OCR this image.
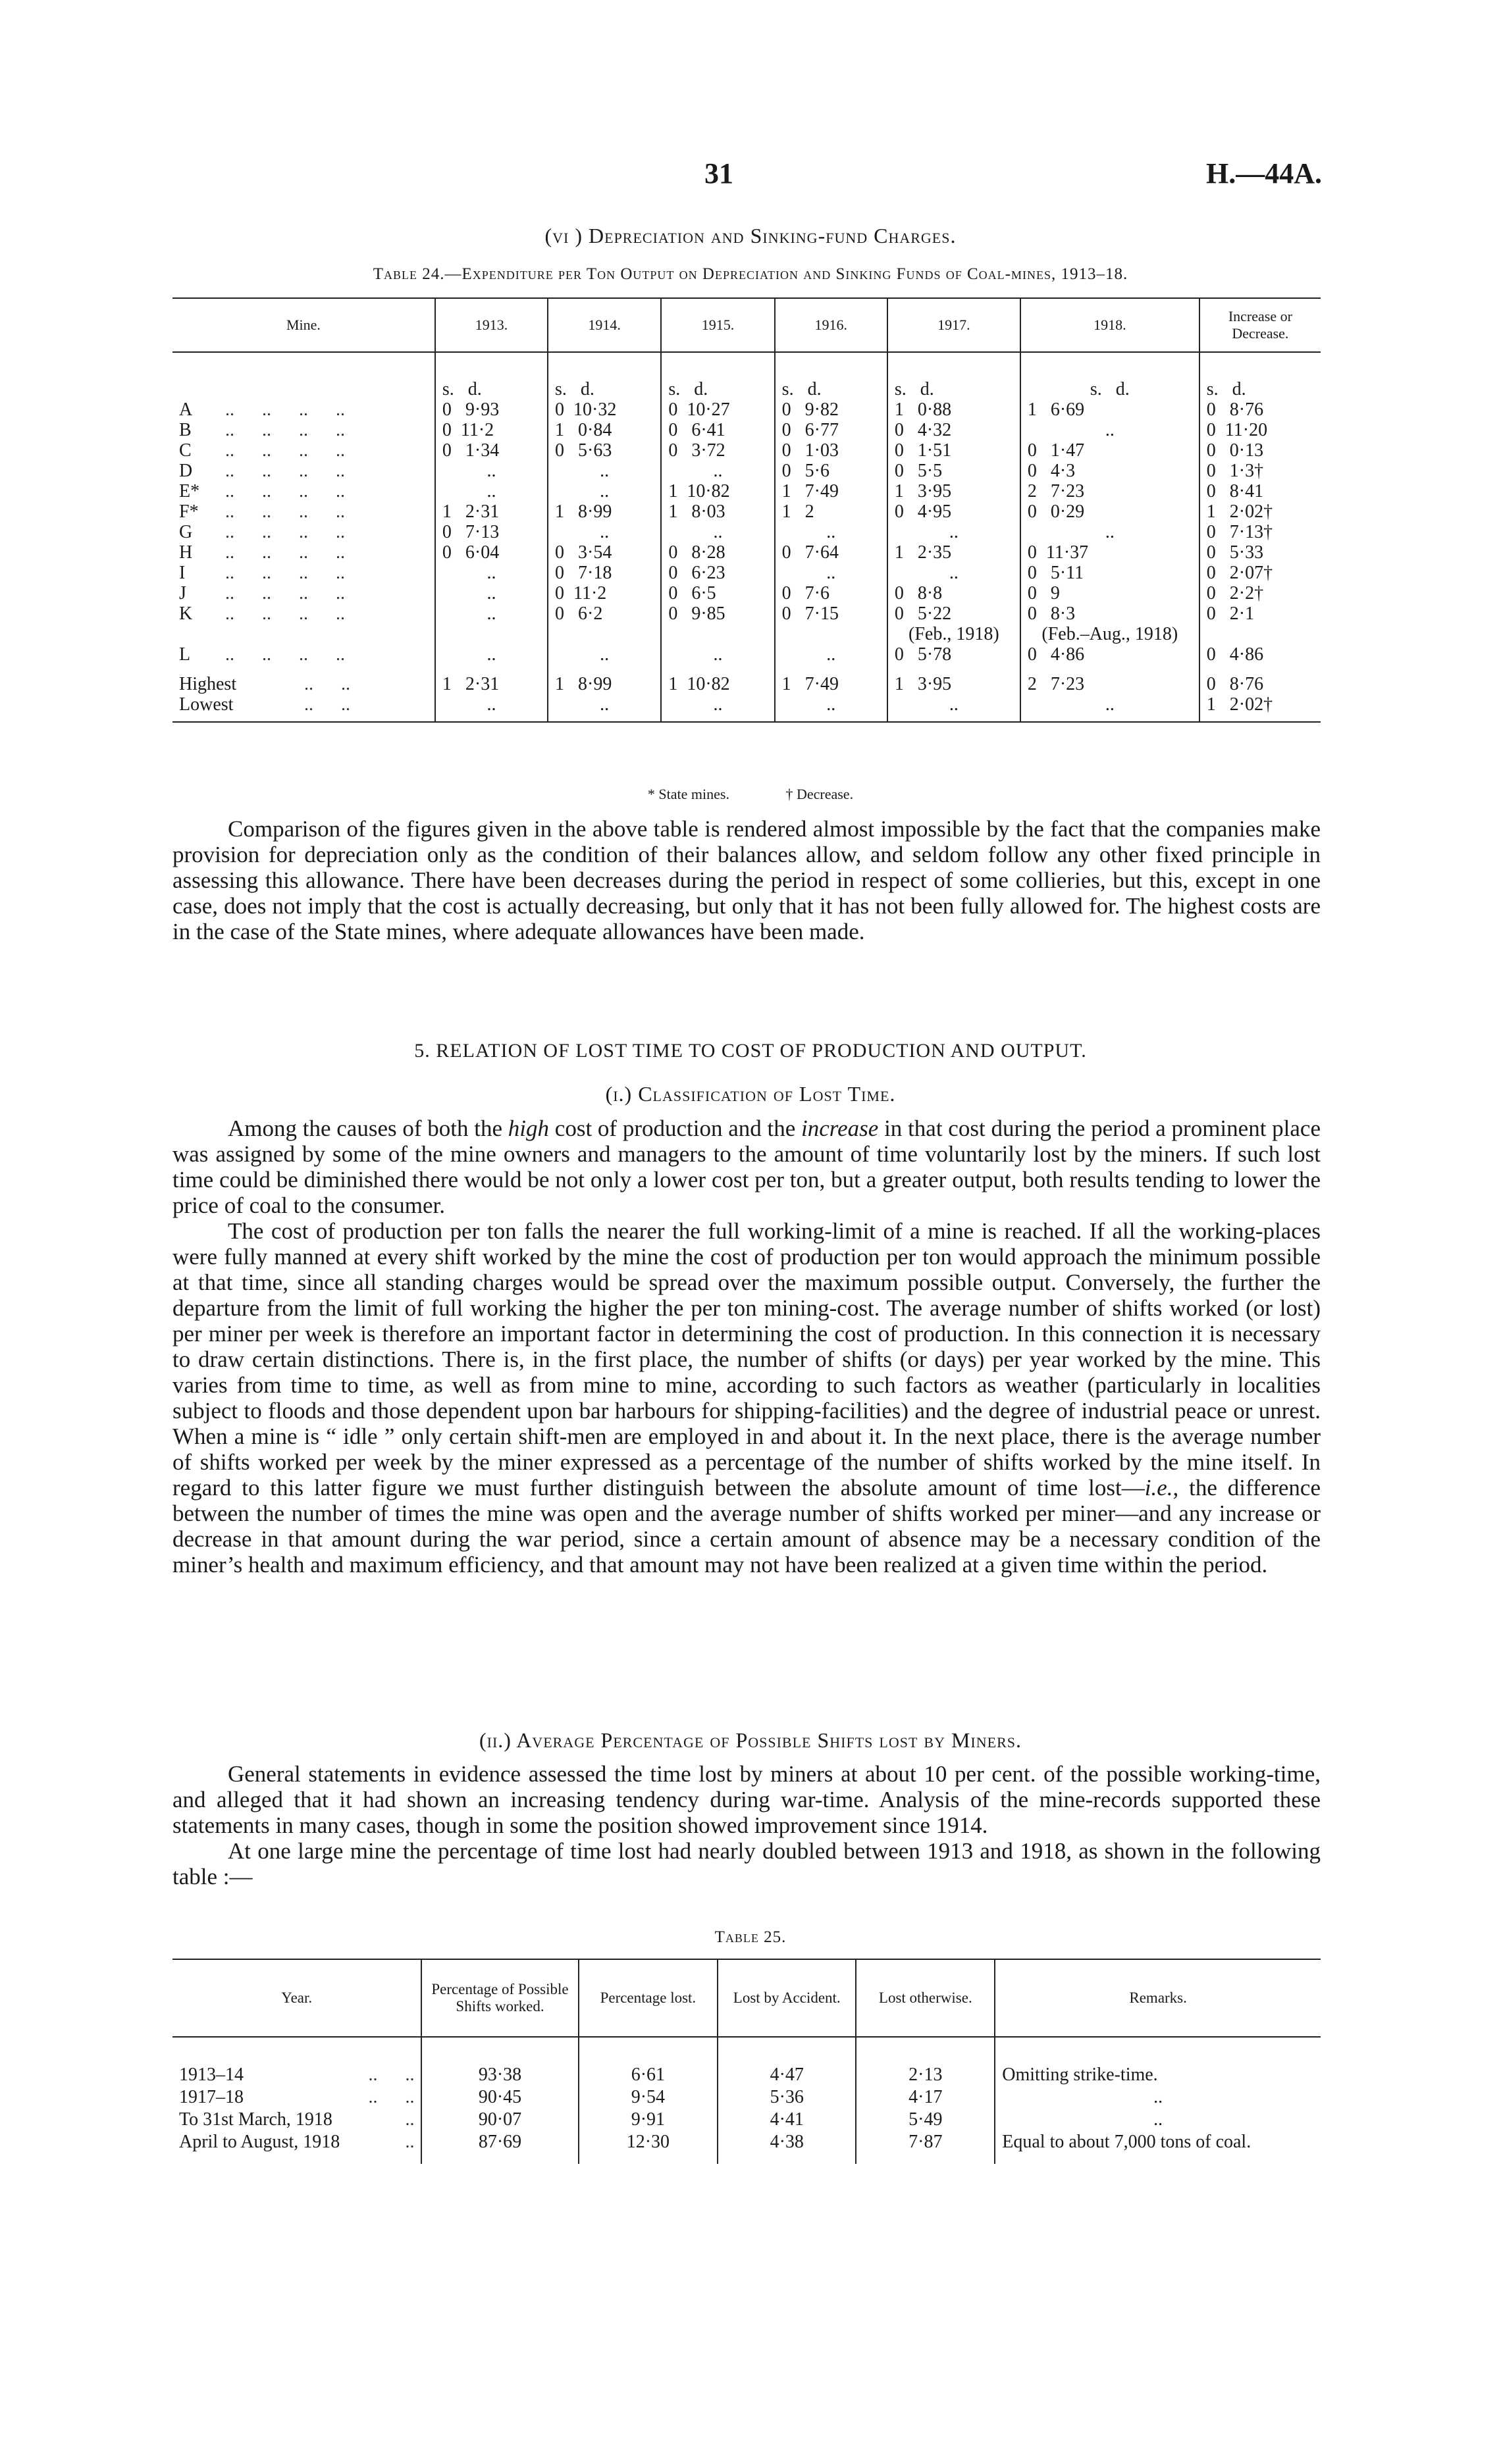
31	H.—44A.
(vi ) Depreciation and Sinking-fund Charges.
Table 24.—Expenditure per Ton Output on Depreciation and Sinking Funds of Coal-mines, 1913–18.
Mine.	1913.	1914.	1915.	1916.	1917.	1918.	Increase or Decrease.
	s.   d.	s.   d.	s.   d.	s.   d.	s.   d.	s.   d.	s.   d.
A ..      ..      ..      ..	0   9·93	0  10·32	0  10·27	0   9·82	1   0·88	1   6·69	0   8·76
B ..      ..      ..      ..	0  11·2	1   0·84	0   6·41	0   6·77	0   4·32	..	0  11·20
C ..      ..      ..      ..	0   1·34	0   5·63	0   3·72	0   1·03	0   1·51	0   1·47	0   0·13
D ..      ..      ..      ..	..	..	..	0   5·6	0   5·5	0   4·3	0   1·3†
E* ..      ..      ..      ..	..	..	1  10·82	1   7·49	1   3·95	2   7·23	0   8·41
F* ..      ..      ..      ..	1   2·31	1   8·99	1   8·03	1   2	0   4·95	0   0·29	1   2·02†
G ..      ..      ..      ..	0   7·13	..	..	..	..	..	0   7·13†
H ..      ..      ..      ..	0   6·04	0   3·54	0   8·28	0   7·64	1   2·35	0  11·37	0   5·33
I ..      ..      ..      ..	..	0   7·18	0   6·23	..	..	0   5·11	0   2·07†
J ..      ..      ..      ..	..	0  11·2	0   6·5	0   7·6	0   8·8	0   9	0   2·2†
K ..      ..      ..      ..	..	0   6·2	0   9·85	0   7·15	0   5·22	0   8·3	0   2·1
					(Feb., 1918)	(Feb.–Aug., 1918)	
L ..      ..      ..      ..	..	..	..	..	0   5·78	0   4·86	0   4·86
Highest ..      ..	1   2·31	1   8·99	1  10·82	1   7·49	1   3·95	2   7·23	0   8·76
Lowest ..      ..	..	..	..	..	..	..	1   2·02†
* State mines.	† Decrease.

Comparison of the figures given in the above table is rendered almost impossible by the fact that the companies make provision for depreciation only as the condition of their balances allow, and seldom follow any other fixed principle in assessing this allowance. There have been decreases during the period in respect of some collieries, but this, except in one case, does not imply that the cost is actually decreasing, but only that it has not been fully allowed for. The highest costs are in the case of the State mines, where adequate allowances have been made.

5. RELATION OF LOST TIME TO COST OF PRODUCTION AND OUTPUT.
(i.) Classification of Lost Time.

Among the causes of both the high cost of production and the increase in that cost during the period a prominent place was assigned by some of the mine owners and managers to the amount of time voluntarily lost by the miners. If such lost time could be diminished there would be not only a lower cost per ton, but a greater output, both results tending to lower the price of coal to the consumer.

The cost of production per ton falls the nearer the full working-limit of a mine is reached. If all the working-places were fully manned at every shift worked by the mine the cost of production per ton would approach the minimum possible at that time, since all standing charges would be spread over the maximum possible output. Conversely, the further the departure from the limit of full working the higher the per ton mining-cost. The average number of shifts worked (or lost) per miner per week is therefore an important factor in determining the cost of production. In this connection it is necessary to draw certain distinctions. There is, in the first place, the number of shifts (or days) per year worked by the mine. This varies from time to time, as well as from mine to mine, according to such factors as weather (particularly in localities subject to floods and those dependent upon bar harbours for shipping-facilities) and the degree of industrial peace or unrest. When a mine is “ idle ” only certain shift-men are employed in and about it. In the next place, there is the average number of shifts worked per week by the miner expressed as a percentage of the number of shifts worked by the mine itself. In regard to this latter figure we must further distinguish between the absolute amount of time lost—i.e., the difference between the number of times the mine was open and the average number of shifts worked per miner—and any increase or decrease in that amount during the war period, since a certain amount of absence may be a necessary condition of the miner’s health and maximum efficiency, and that amount may not have been realized at a given time within the period.

(ii.) Average Percentage of Possible Shifts lost by Miners.

General statements in evidence assessed the time lost by miners at about 10 per cent. of the possible working-time, and alleged that it had shown an increasing tendency during war-time. Analysis of the mine-records supported these statements in many cases, though in some the position showed improvement since 1914.

At one large mine the percentage of time lost had nearly doubled between 1913 and 1918, as shown in the following table :—

Table 25.
Year.	Percentage of Possible Shifts worked.	Percentage lost.	Lost by Accident.	Lost otherwise.	Remarks.
1913–14 ..      ..	93·38	6·61	4·47	2·13	Omitting strike-time.
1917–18 ..      ..	90·45	9·54	5·36	4·17	..
To 31st March, 1918 ..	90·07	9·91	4·41	5·49	..
April to August, 1918 ..	87·69	12·30	4·38	7·87	Equal to about 7,000 tons of coal.
